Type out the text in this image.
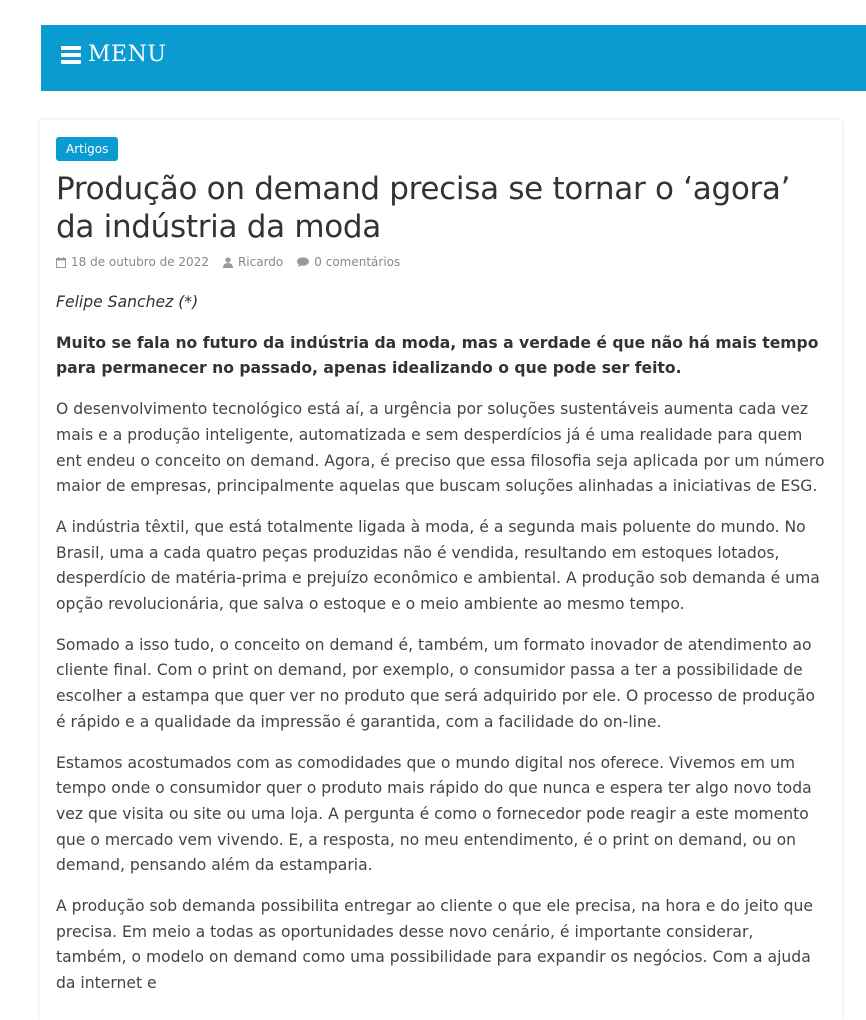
MENU
Artigos
Produção on demand precisa se tornar o ‘agora’ da indústria da moda
18 de outubro de 2022 Ricardo	0 comentários

Felipe Sanchez (*)

Muito se fala no futuro da indústria da moda, mas a verdade é que não há mais tempo para permanecer no passado, apenas idealizando o que pode ser feito.

O desenvolvimento tecnológico está aí, a urgência por soluções sustentáveis aumenta cada vez mais e a produção inteligente, automatizada e sem desperdícios já é uma realidade para quem ent endeu o conceito on demand. Agora, é preciso que essa filosofia seja aplicada por um número maior de empresas, principalmente aquelas que buscam soluções alinhadas a iniciativas de ESG.

A indústria têxtil, que está totalmente ligada à moda, é a segunda mais poluente do mundo. No Brasil, uma a cada quatro peças produzidas não é vendida, resultando em estoques lotados, desperdício de matéria-prima e prejuízo econômico e ambiental. A produção sob demanda é uma opção revolucionária, que salva o estoque e o meio ambiente ao mesmo tempo.

Somado a isso tudo, o conceito on demand é, também, um formato inovador de atendimento ao cliente final. Com o print on demand, por exemplo, o consumidor passa a ter a possibilidade de escolher a estampa que quer ver no produto que será adquirido por ele. O processo de produção é rápido e a qualidade da impressão é garantida, com a facilidade do on-line.

Estamos acostumados com as comodidades que o mundo digital nos oferece. Vivemos em um tempo onde o consumidor quer o produto mais rápido do que nunca e espera ter algo novo toda vez que visita ou site ou uma loja. A pergunta é como o fornecedor pode reagir a este momento que o mercado vem vivendo. E, a resposta, no meu entendimento, é o print on demand, ou on demand, pensando além da estamparia.

A produção sob demanda possibilita entregar ao cliente o que ele precisa, na hora e do jeito que precisa. Em meio a todas as oportunidades desse novo cenário, é importante considerar, também, o modelo on demand como uma possibilidade para expandir os negócios. Com a ajuda da internet e
